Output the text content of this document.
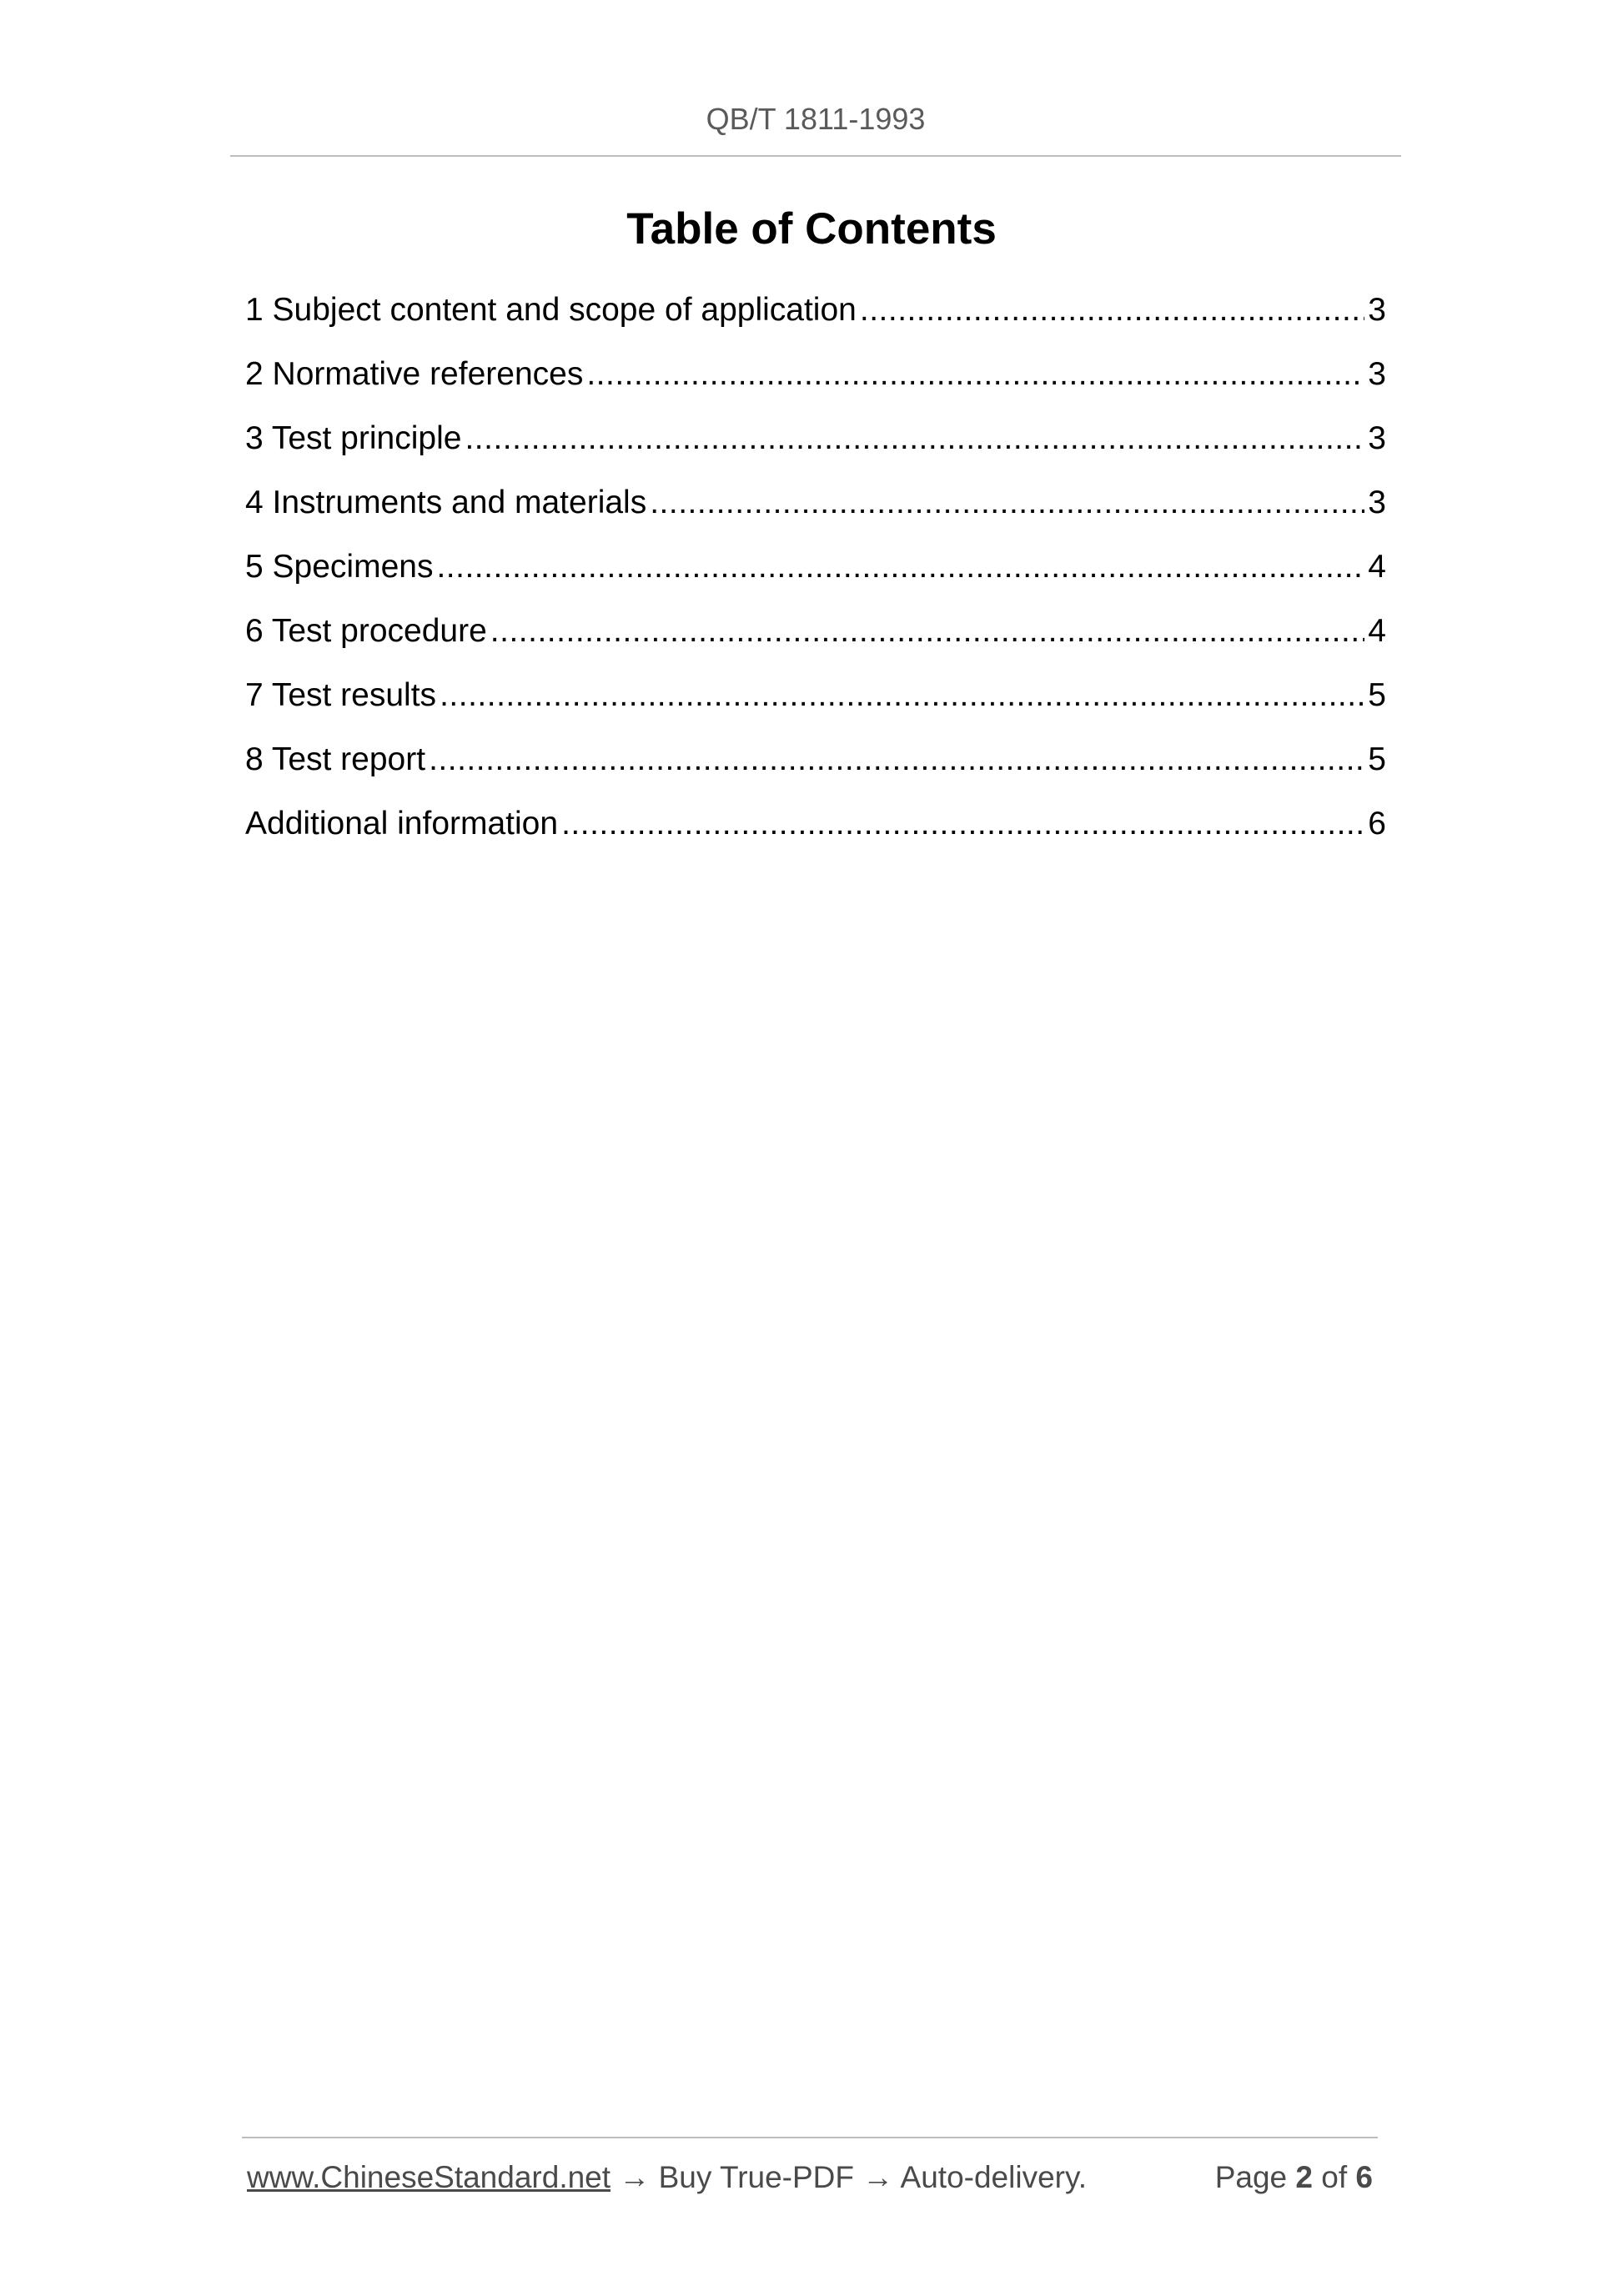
QB/T 1811-1993
Table of Contents
1 Subject content and scope of application .....	3
2 Normative references .....	3
3 Test principle .....	3
4 Instruments and materials .....	3
5 Specimens .....	4
6 Test procedure .....	4
7 Test results .....	5
8 Test report .....	5
Additional information .....	6
www.ChineseStandard.net → Buy True-PDF → Auto-delivery.	Page 2 of 6
